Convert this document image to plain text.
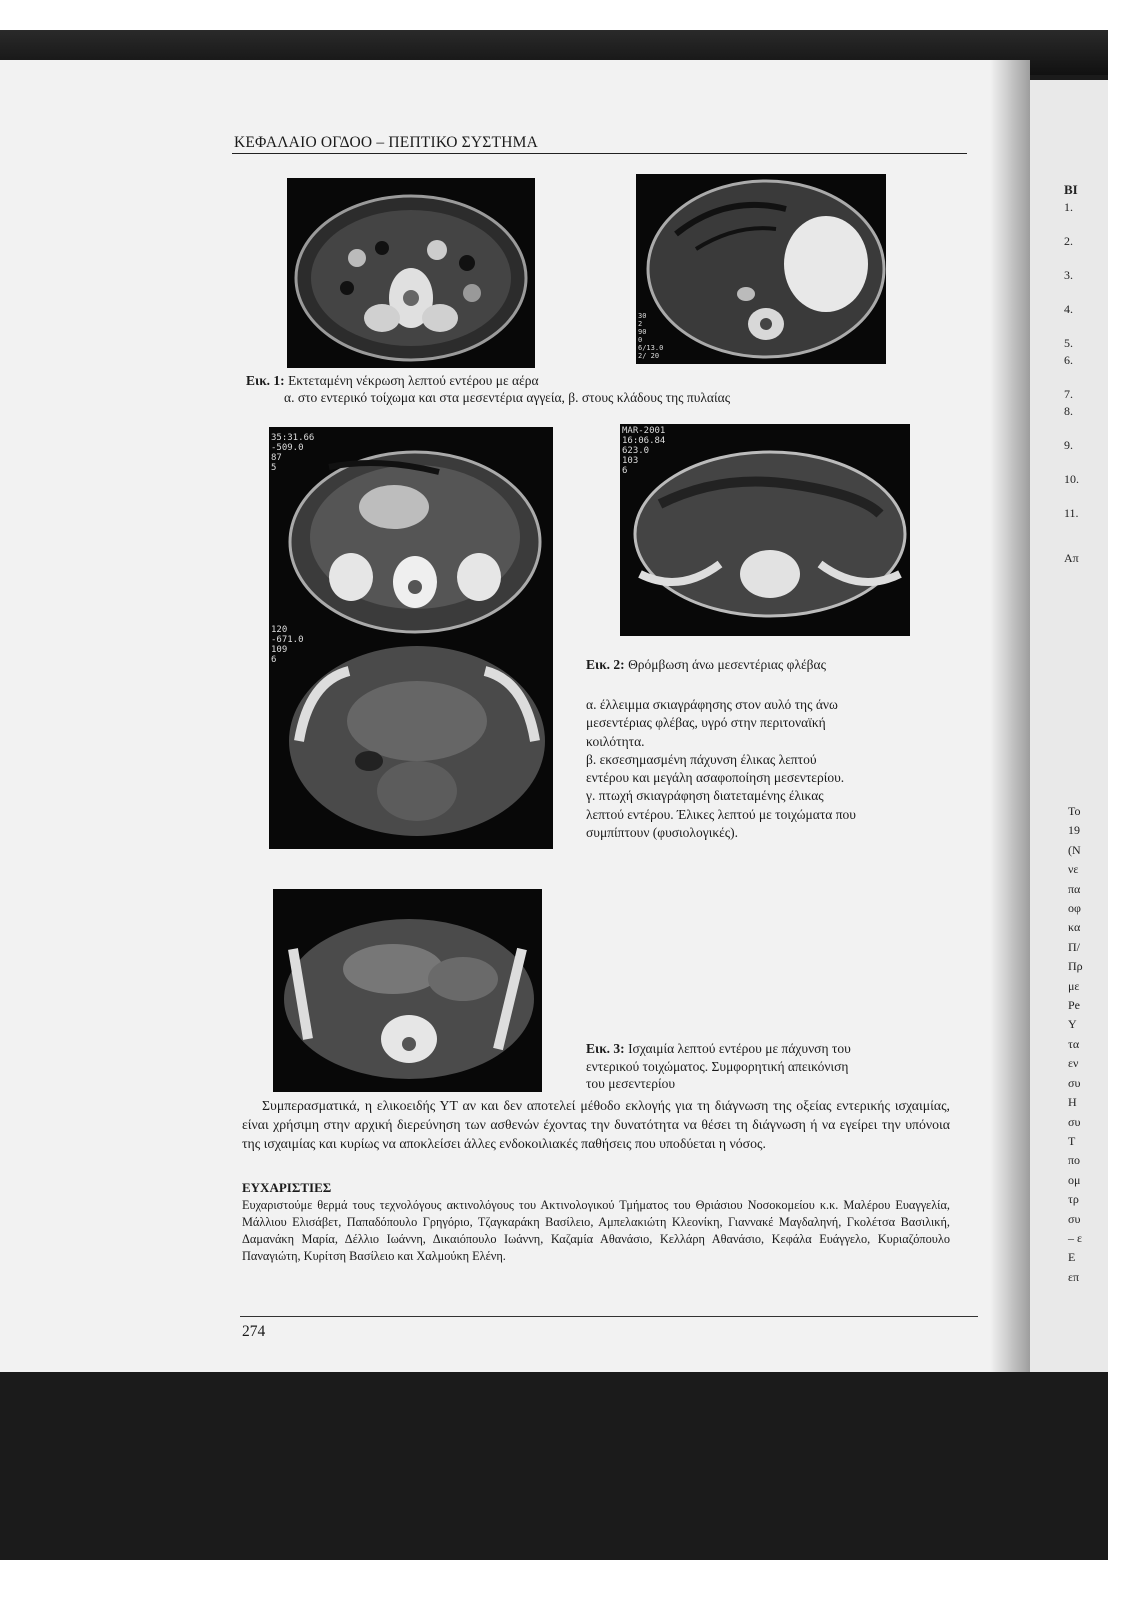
ΚΕΦΑΛΑΙΟ ΟΓΔΟΟ – ΠΕΠΤΙΚΟ ΣΥΣΤΗΜΑ
30
2
90
0
6/13.0
2/ 20
Εικ. 1: Εκτεταμένη νέκρωση λεπτού εντέρου με αέρα
α. στο εντερικό τοίχωμα και στα μεσεντέρια αγγεία, β. στους κλάδους της πυλαίας
35:31.66
-509.0
87
5
120
-671.0
109
6
MAR-2001
16:06.84
623.0
103
6
Εικ. 2: Θρόμβωση άνω μεσεντέριας φλέβας
α. έλλειμμα σκιαγράφησης στον αυλό της άνω
μεσεντέριας φλέβας, υγρό στην περιτοναϊκή
κοιλότητα.
β. εκσεσημασμένη πάχυνση έλικας λεπτού
εντέρου και μεγάλη ασαφοποίηση μεσεντερίου.
γ. πτωχή σκιαγράφηση διατεταμένης έλικας
λεπτού εντέρου. Έλικες λεπτού με τοιχώματα που
συμπίπτουν (φυσιολογικές).
Εικ. 3: Ισχαιμία λεπτού εντέρου με πάχυνση του
εντερικού τοιχώματος. Συμφορητική απεικόνιση
του μεσεντερίου
Συμπερασματικά, η ελικοειδής ΥΤ αν και δεν αποτελεί μέθοδο εκλογής για τη διάγνωση της οξείας εντερικής ισχαιμίας, είναι χρήσιμη στην αρχική διερεύνηση των ασθενών έχοντας την δυνατότητα να θέσει τη διάγνωση ή να εγείρει την υπόνοια της ισχαιμίας και κυρίως να αποκλείσει άλλες ενδοκοιλιακές παθήσεις που υποδύεται η νόσος.
ΕΥΧΑΡΙΣΤΙΕΣ
Ευχαριστούμε θερμά τους τεχνολόγους ακτινολόγους του Ακτινολογικού Τμήματος του Θριάσιου Νοσοκομείου κ.κ. Μαλέρου Ευαγγελία, Μάλλιου Ελισάβετ, Παπαδόπουλο Γρηγόριο, Τζαγκαράκη Βασίλειο, Αμπελακιώτη Κλεονίκη, Γιαννακέ Μαγδαληνή, Γκολέτσα Βασιλική, Δαμανάκη Μαρία, Δέλλιο Ιωάννη, Δικαιόπουλο Ιωάννη, Καζαμία Αθανάσιο, Κελλάρη Αθανάσιο, Κεφάλα Ευάγγελο, Κυριαζόπουλο Παναγιώτη, Κυρίτση Βασίλειο και Χαλμούκη Ελένη.
274
ΒΙ
1.
2.
3.
4.
5.
6.
7.
8.
9.
10.
11.
Απ
Το
19
(Ν
νε
πα
οφ
κα
Π/
Πρ
με
Pe
Υ
τα
εν
συ
Η
συ
Τ
πο
ομ
τρ
συ
– ε
Ε
επ
